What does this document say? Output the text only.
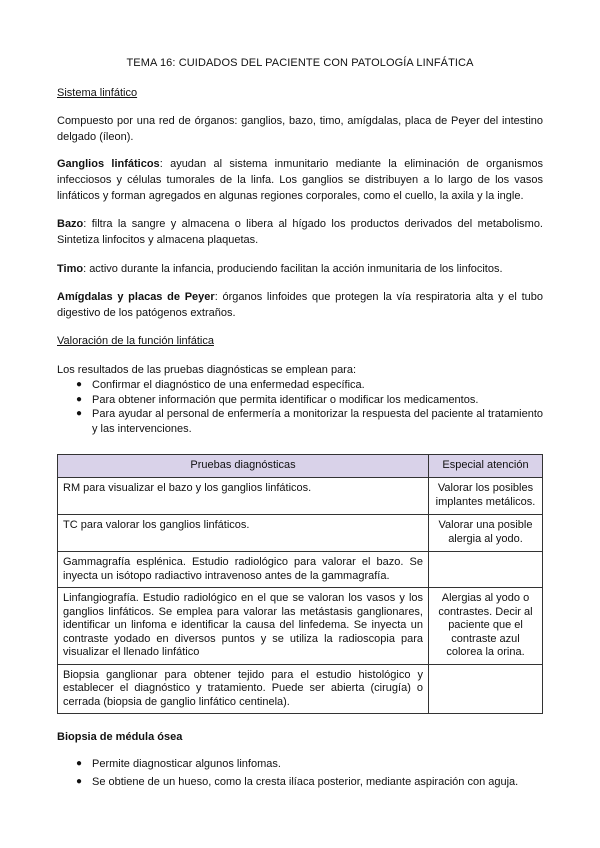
TEMA 16: CUIDADOS DEL PACIENTE CON PATOLOGÍA LINFÁTICA
Sistema linfático
Compuesto por una red de órganos: ganglios, bazo, timo, amígdalas, placa de Peyer del intestino delgado (íleon).
Ganglios linfáticos: ayudan al sistema inmunitario mediante la eliminación de organismos infecciosos y células tumorales de la linfa. Los ganglios se distribuyen a lo largo de los vasos linfáticos y forman agregados en algunas regiones corporales, como el cuello, la axila y la ingle.
Bazo: filtra la sangre y almacena o libera al hígado los productos derivados del metabolismo. Sintetiza linfocitos y almacena plaquetas.
Timo: activo durante la infancia, produciendo facilitan la acción inmunitaria de los linfocitos.
Amígdalas y placas de Peyer: órganos linfoides que protegen la vía respiratoria alta y el tubo digestivo de los patógenos extraños.
Valoración de la función linfática
Los resultados de las pruebas diagnósticas se emplean para:
● Confirmar el diagnóstico de una enfermedad específica.
● Para obtener información que permita identificar o modificar los medicamentos.
● Para ayudar al personal de enfermería a monitorizar la respuesta del paciente al tratamiento y las intervenciones.
Pruebas diagnósticas	Especial atención
RM para visualizar el bazo y los ganglios linfáticos.	Valorar los posibles implantes metálicos.
TC para valorar los ganglios linfáticos.	Valorar una posible alergia al yodo.
Gammagrafía esplénica. Estudio radiológico para valorar el bazo. Se inyecta un isótopo radiactivo intravenoso antes de la gammagrafía.	
Linfangiografía. Estudio radiológico en el que se valoran los vasos y los ganglios linfáticos. Se emplea para valorar las metástasis ganglionares, identificar un linfoma e identificar la causa del linfedema. Se inyecta un contraste yodado en diversos puntos y se utiliza la radioscopia para visualizar el llenado linfático	Alergias al yodo o contrastes. Decir al paciente que el contraste azul colorea la orina.
Biopsia ganglionar para obtener tejido para el estudio histológico y establecer el diagnóstico y tratamiento. Puede ser abierta (cirugía) o cerrada (biopsia de ganglio linfático centinela).	
Biopsia de médula ósea
● Permite diagnosticar algunos linfomas.
● Se obtiene de un hueso, como la cresta ilíaca posterior, mediante aspiración con aguja.
